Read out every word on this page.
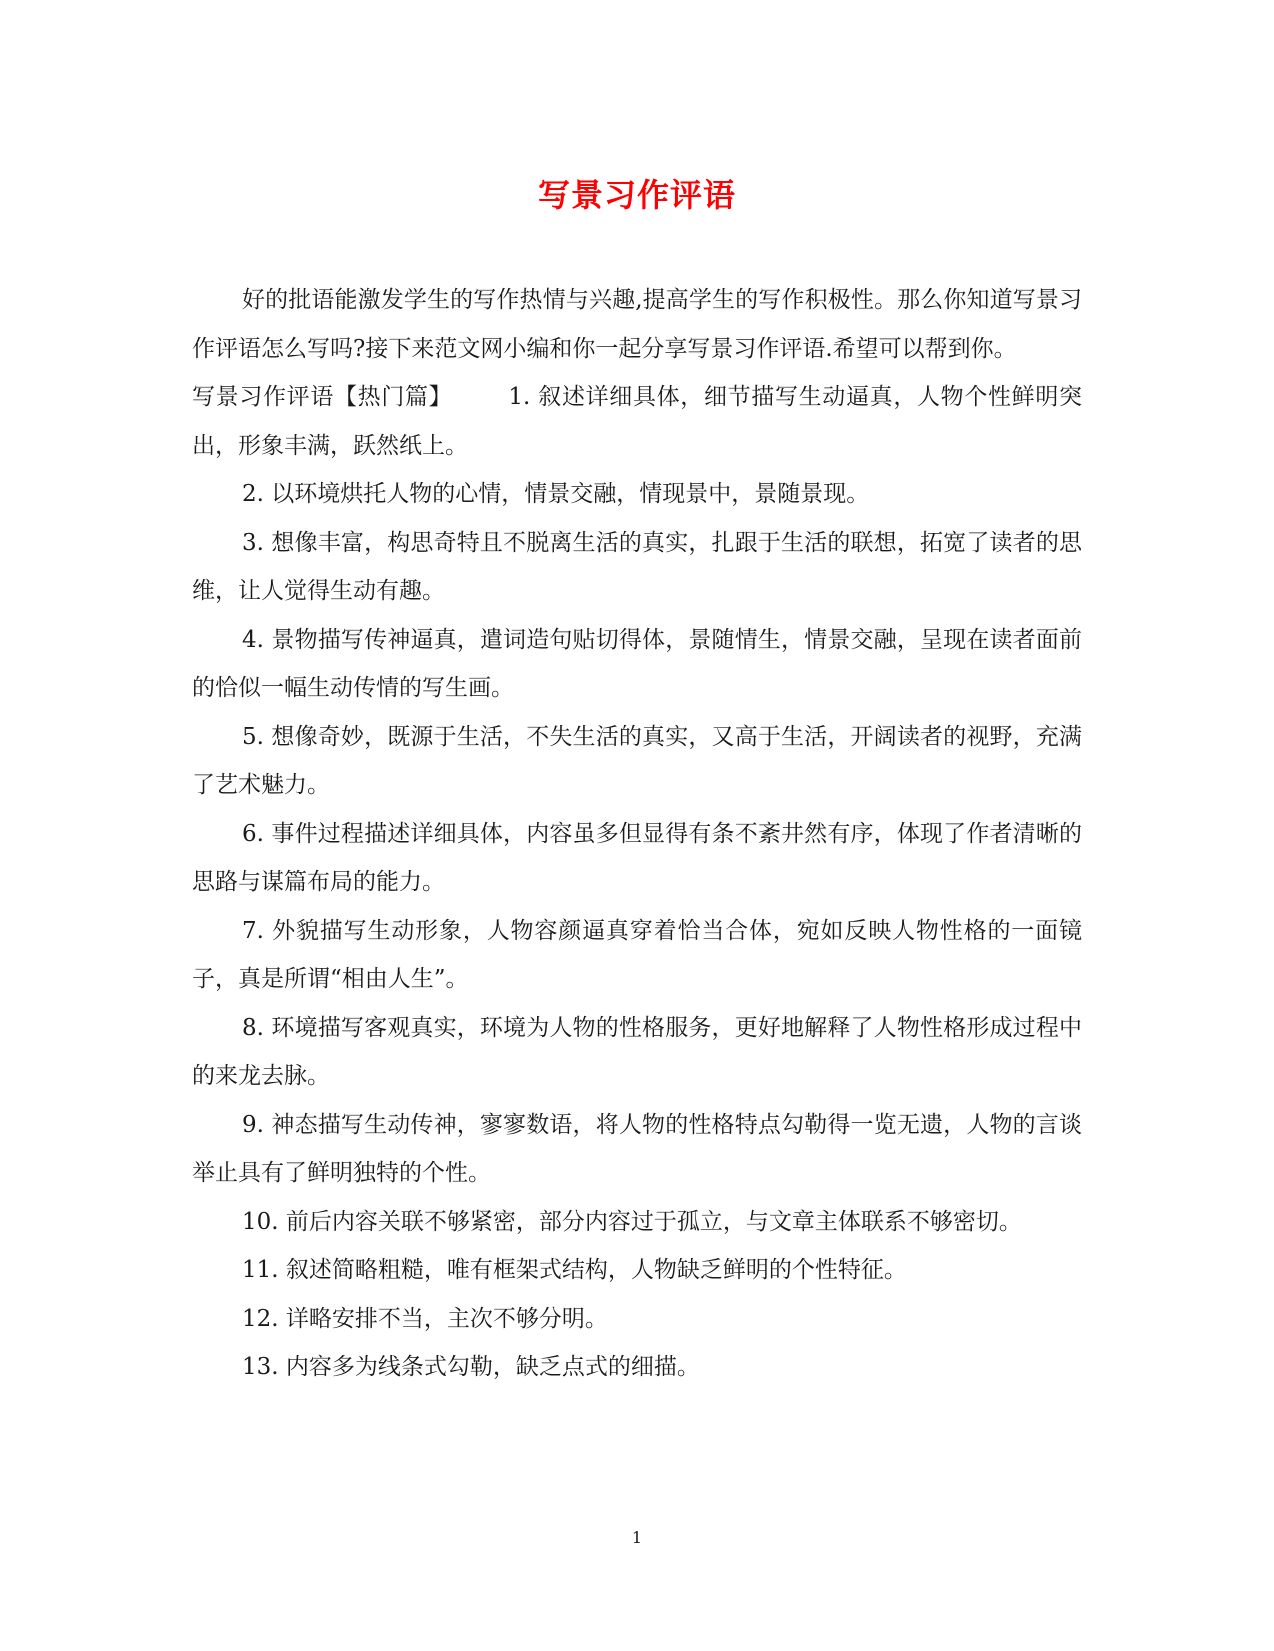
写景习作评语

好的批语能激发学生的写作热情与兴趣,提高学生的写作积极性。那么你知道写景习作评语怎么写吗?接下来范文网小编和你一起分享写景习作评语.希望可以帮到你。

写景习作评语【热门篇】 1. 叙述详细具体，细节描写生动逼真，人物个性鲜明突出，形象丰满，跃然纸上。

2. 以环境烘托人物的心情，情景交融，情现景中，景随景现。

3. 想像丰富，构思奇特且不脱离生活的真实，扎跟于生活的联想，拓宽了读者的思维，让人觉得生动有趣。

4. 景物描写传神逼真，遣词造句贴切得体，景随情生，情景交融，呈现在读者面前的恰似一幅生动传情的写生画。

5. 想像奇妙，既源于生活，不失生活的真实，又高于生活，开阔读者的视野，充满了艺术魅力。

6. 事件过程描述详细具体，内容虽多但显得有条不紊井然有序，体现了作者清晰的思路与谋篇布局的能力。

7. 外貌描写生动形象，人物容颜逼真穿着恰当合体，宛如反映人物性格的一面镜子，真是所谓“相由人生”。

8. 环境描写客观真实，环境为人物的性格服务，更好地解释了人物性格形成过程中的来龙去脉。

9. 神态描写生动传神，寥寥数语，将人物的性格特点勾勒得一览无遗，人物的言谈举止具有了鲜明独特的个性。

10. 前后内容关联不够紧密，部分内容过于孤立，与文章主体联系不够密切。

11. 叙述简略粗糙，唯有框架式结构，人物缺乏鲜明的个性特征。

12. 详略安排不当，主次不够分明。

13. 内容多为线条式勾勒，缺乏点式的细描。

1
